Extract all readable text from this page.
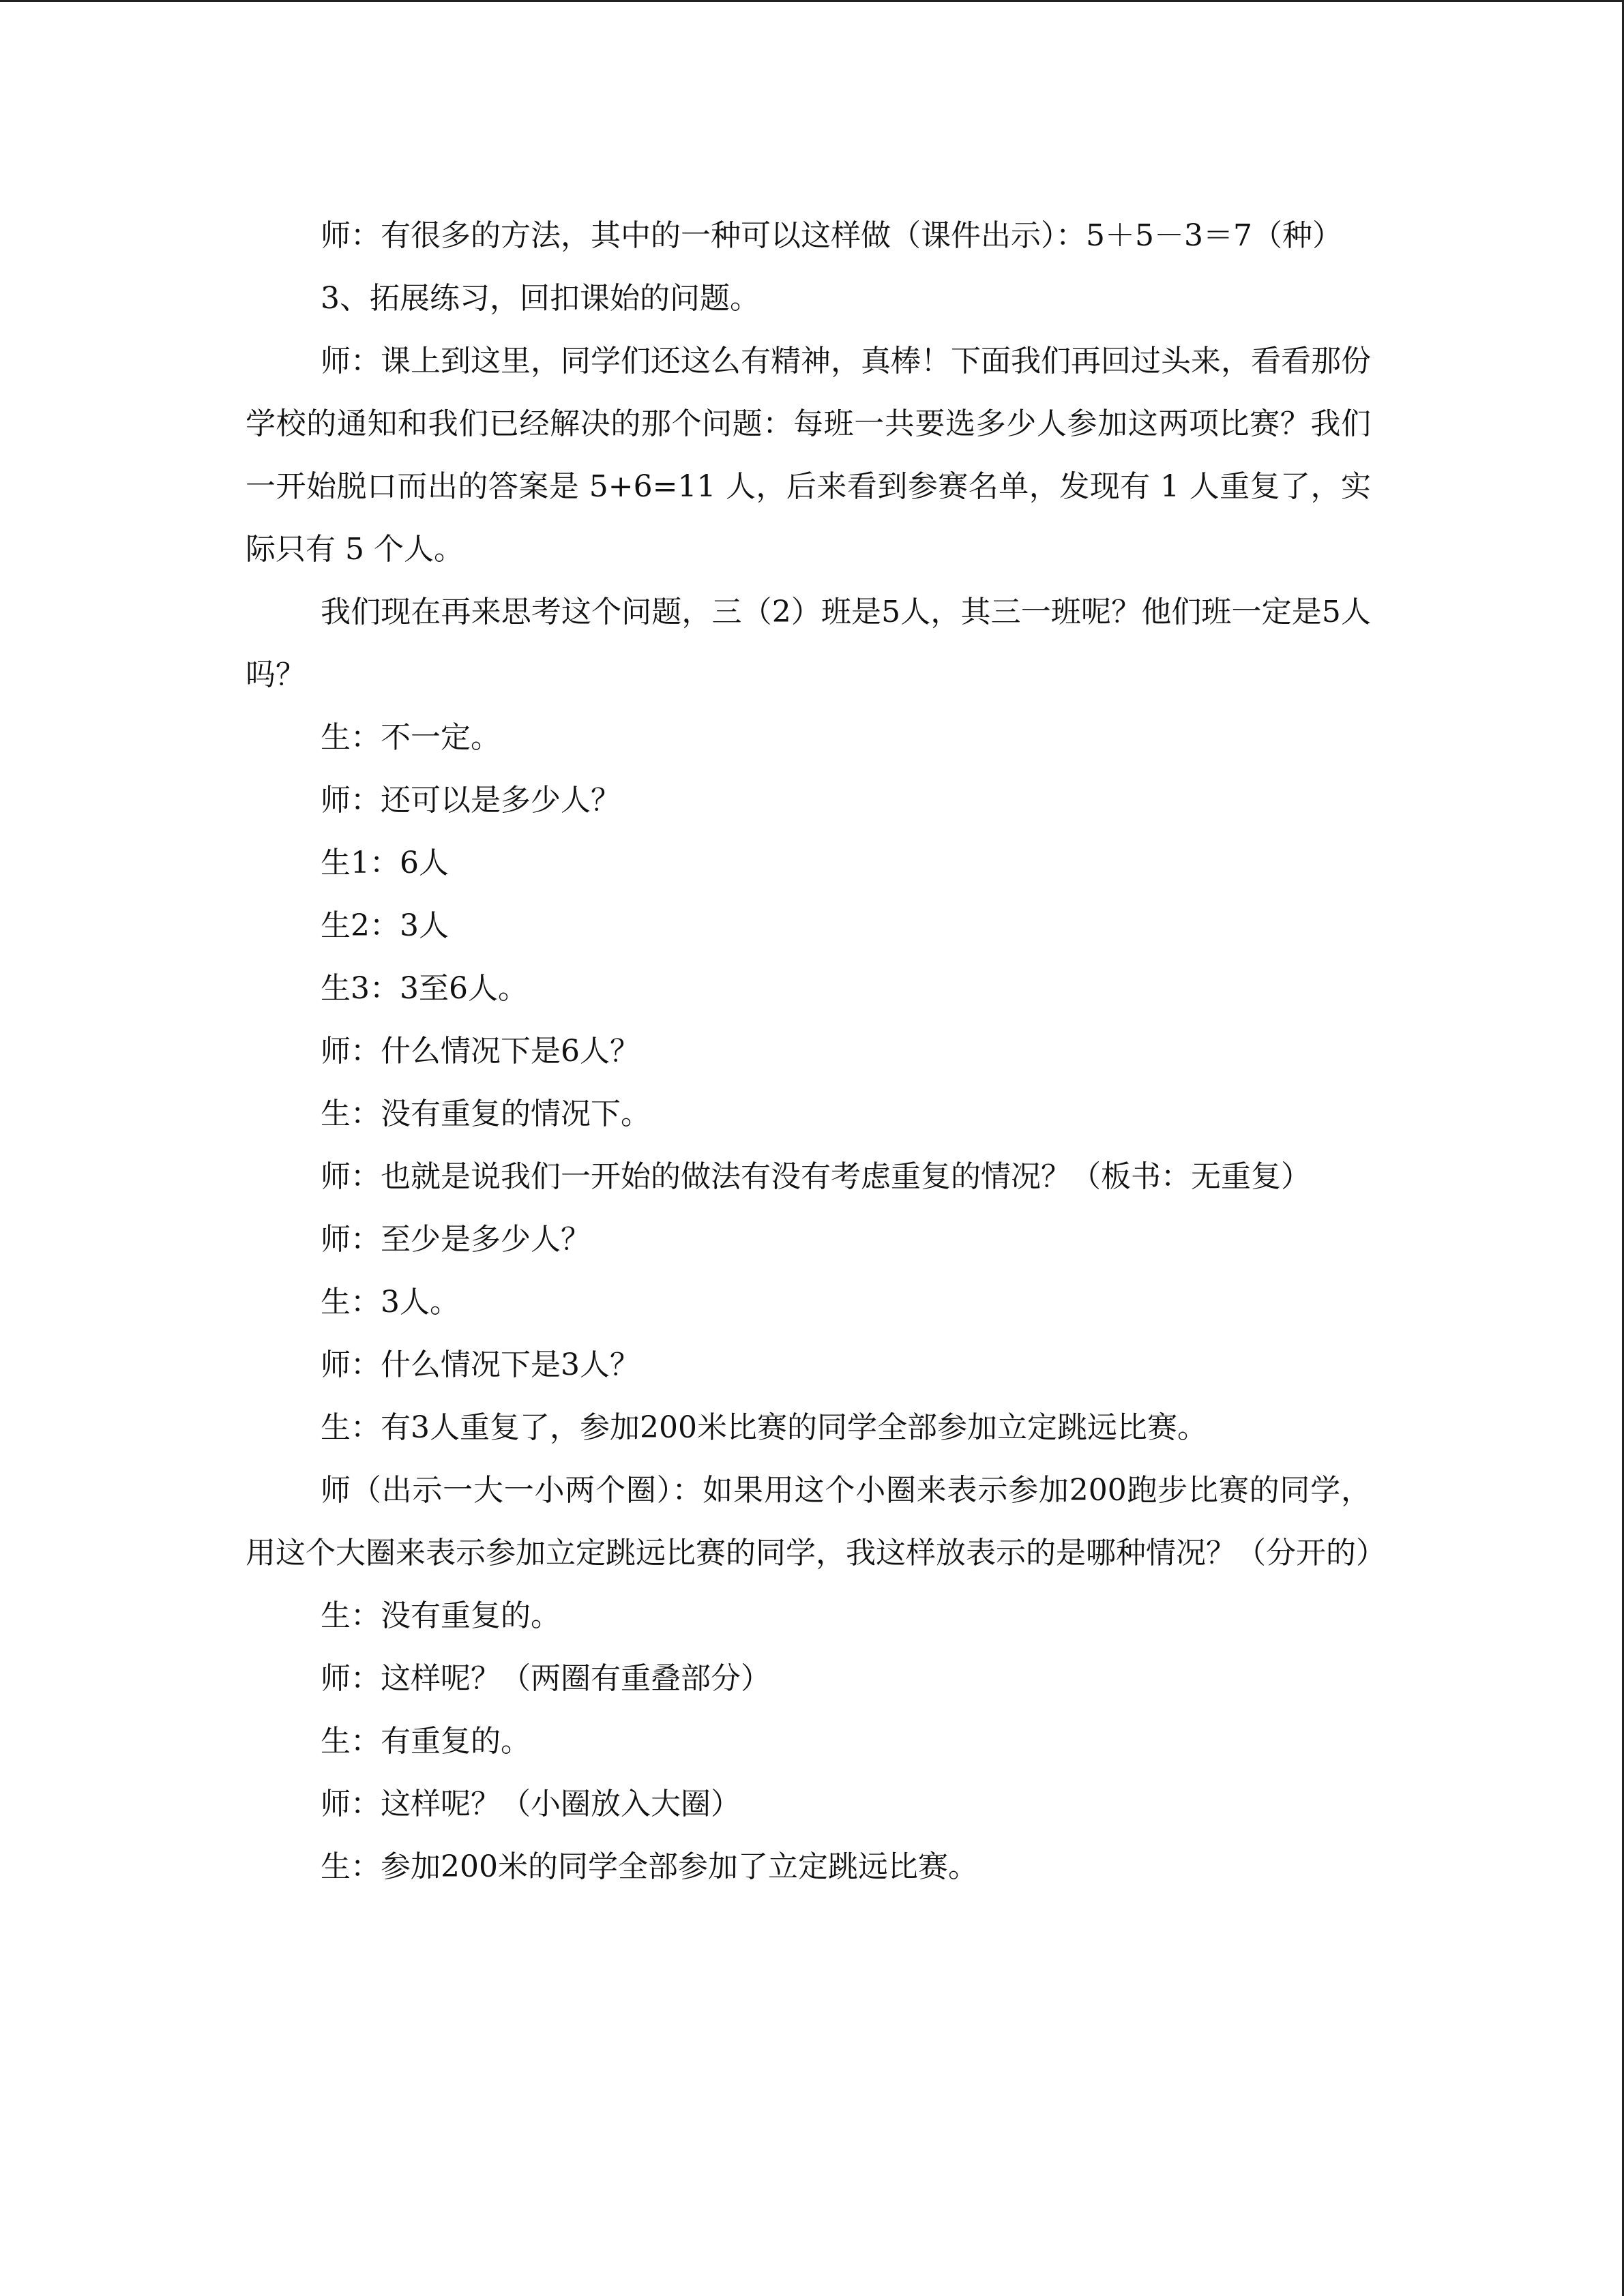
师：有很多的方法，其中的一种可以这样做（课件出示）：5＋5－3＝7（种）

3、拓展练习，回扣课始的问题。

师：课上到这里，同学们还这么有精神，真棒！下面我们再回过头来，看看那份学校的通知和我们已经解决的那个问题：每班一共要选多少人参加这两项比赛？我们一开始脱口而出的答案是 5+6=11 人，后来看到参赛名单，发现有 1 人重复了，实际只有 5 个人。

我们现在再来思考这个问题，三（2）班是5人，其三一班呢？他们班一定是5人吗？

生：不一定。

师：还可以是多少人？

生1：6人

生2：3人

生3：3至6人。

师：什么情况下是6人？

生：没有重复的情况下。

师：也就是说我们一开始的做法有没有考虑重复的情况？（板书：无重复）

师：至少是多少人？

生：3人。

师：什么情况下是3人？

生：有3人重复了，参加200米比赛的同学全部参加立定跳远比赛。

师（出示一大一小两个圈）：如果用这个小圈来表示参加200跑步比赛的同学，用这个大圈来表示参加立定跳远比赛的同学，我这样放表示的是哪种情况？（分开的）

生：没有重复的。

师：这样呢？（两圈有重叠部分）

生：有重复的。

师：这样呢？（小圈放入大圈）

生：参加200米的同学全部参加了立定跳远比赛。
